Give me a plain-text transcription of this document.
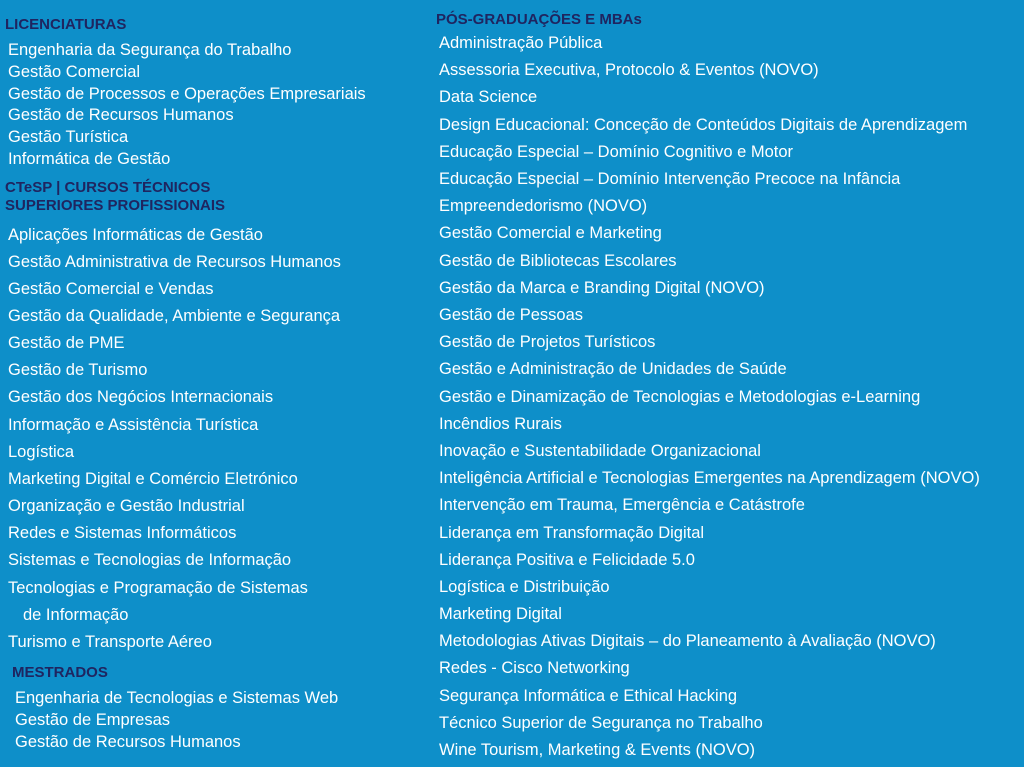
LICENCIATURAS
Engenharia da Segurança do Trabalho
Gestão Comercial
Gestão de Processos e Operações Empresariais
Gestão de Recursos Humanos
Gestão Turística
Informática de Gestão
CTeSP | CURSOS TÉCNICOS
SUPERIORES PROFISSIONAIS
Aplicações Informáticas de Gestão
Gestão Administrativa de Recursos Humanos
Gestão Comercial e Vendas
Gestão da Qualidade, Ambiente e Segurança
Gestão de PME
Gestão de Turismo
Gestão dos Negócios Internacionais
Informação e Assistência Turística
Logística
Marketing Digital e Comércio Eletrónico
Organização e Gestão Industrial
Redes e Sistemas Informáticos
Sistemas e Tecnologias de Informação
Tecnologias e Programação de Sistemas
de Informação
Turismo e Transporte Aéreo
MESTRADOS
Engenharia de Tecnologias e Sistemas Web
Gestão de Empresas
Gestão de Recursos Humanos
PÓS-GRADUAÇÕES E MBAs
Administração Pública
Assessoria Executiva, Protocolo & Eventos (NOVO)
Data Science
Design Educacional: Conceção de Conteúdos Digitais de Aprendizagem
Educação Especial – Domínio Cognitivo e Motor
Educação Especial – Domínio Intervenção Precoce na Infância
Empreendedorismo (NOVO)
Gestão Comercial e Marketing
Gestão de Bibliotecas Escolares
Gestão da Marca e Branding Digital (NOVO)
Gestão de Pessoas
Gestão de Projetos Turísticos
Gestão e Administração de Unidades de Saúde
Gestão e Dinamização de Tecnologias e Metodologias e-Learning
Incêndios Rurais
Inovação e Sustentabilidade Organizacional
Inteligência Artificial e Tecnologias Emergentes na Aprendizagem (NOVO)
Intervenção em Trauma, Emergência e Catástrofe
Liderança em Transformação Digital
Liderança Positiva e Felicidade 5.0
Logística e Distribuição
Marketing Digital
Metodologias Ativas Digitais – do Planeamento à Avaliação (NOVO)
Redes - Cisco Networking
Segurança Informática e Ethical Hacking
Técnico Superior de Segurança no Trabalho
Wine Tourism, Marketing & Events (NOVO)
